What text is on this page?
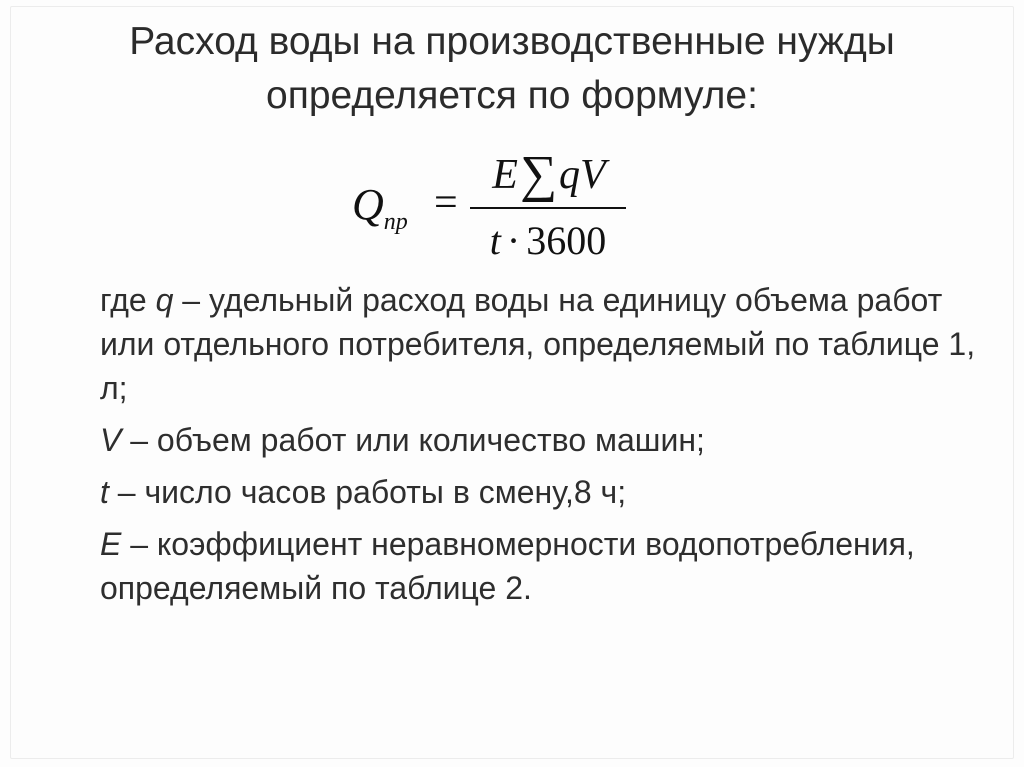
Расход воды на производственные нужды
определяется по формуле:
$Q_{пр}$ =
E∑qV
t · 3600

где q – удельный расход воды на единицу объема работ или отдельного потребителя, определяемый по таблице 1, л;

V – объем работ или количество машин;

t – число часов работы в смену,8 ч;

E – коэффициент неравномерности водопотребления, определяемый по таблице 2.
